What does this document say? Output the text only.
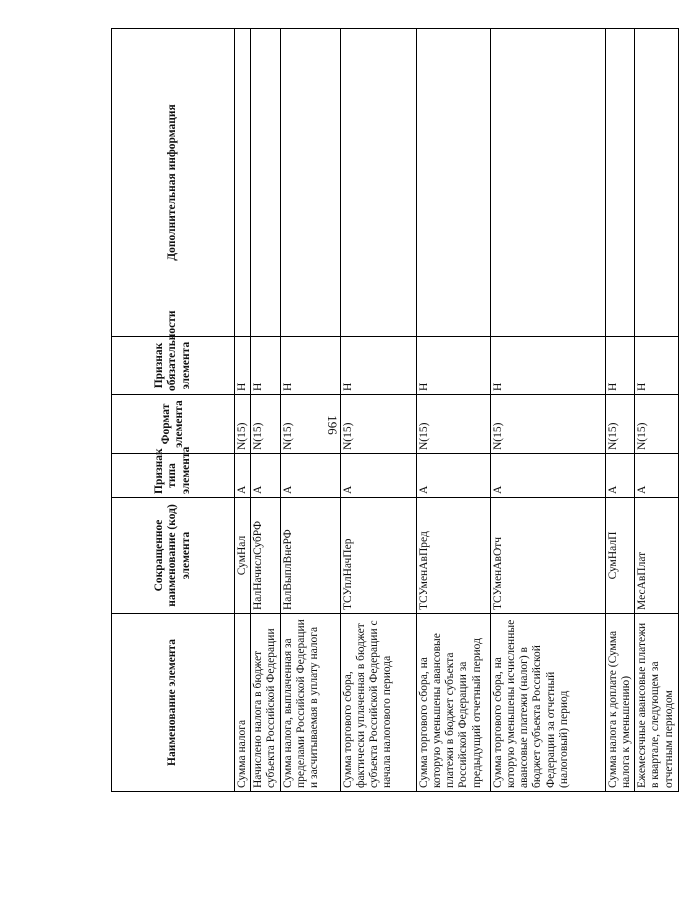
196
Наименование элемента	Сокращенное наименование (код) элемента	Признак типа элемента	Формат элемента	Признак обязательности элемента	Дополнительная информация
Сумма налога	СумНал	А	N(15)	Н	
Начислено налога в бюджет субъекта Российской Федерации	НалНачислСубРФ	А	N(15)	Н	
Сумма налога, выплаченная за пределами Российской Федерации и засчитываемая в уплату налога	НалВыплВнеРФ	А	N(15)	Н	
Сумма торгового сбора, фактически уплаченная в бюджет субъекта Российской Федерации с начала налогового периода	ТСУплНачПер	А	N(15)	Н	
Сумма торгового сбора, на которую уменьшены авансовые платежи в бюджет субъекта Российской Федерации за предыдущий отчетный период	ТСУменАвПред	А	N(15)	Н	
Сумма торгового сбора, на которую уменьшены исчисленные авансовые платежи (налог) в бюджет субъекта Российской Федерации за отчетный (налоговый) период	ТСУменАвОтч	А	N(15)	Н	
Сумма налога к доплате (Сумма налога к уменьшению)	СумНалП	А	N(15)	Н	
Ежемесячные авансовые платежи в квартале, следующем за отчетным периодом	МесАвПлат	А	N(15)	Н	
